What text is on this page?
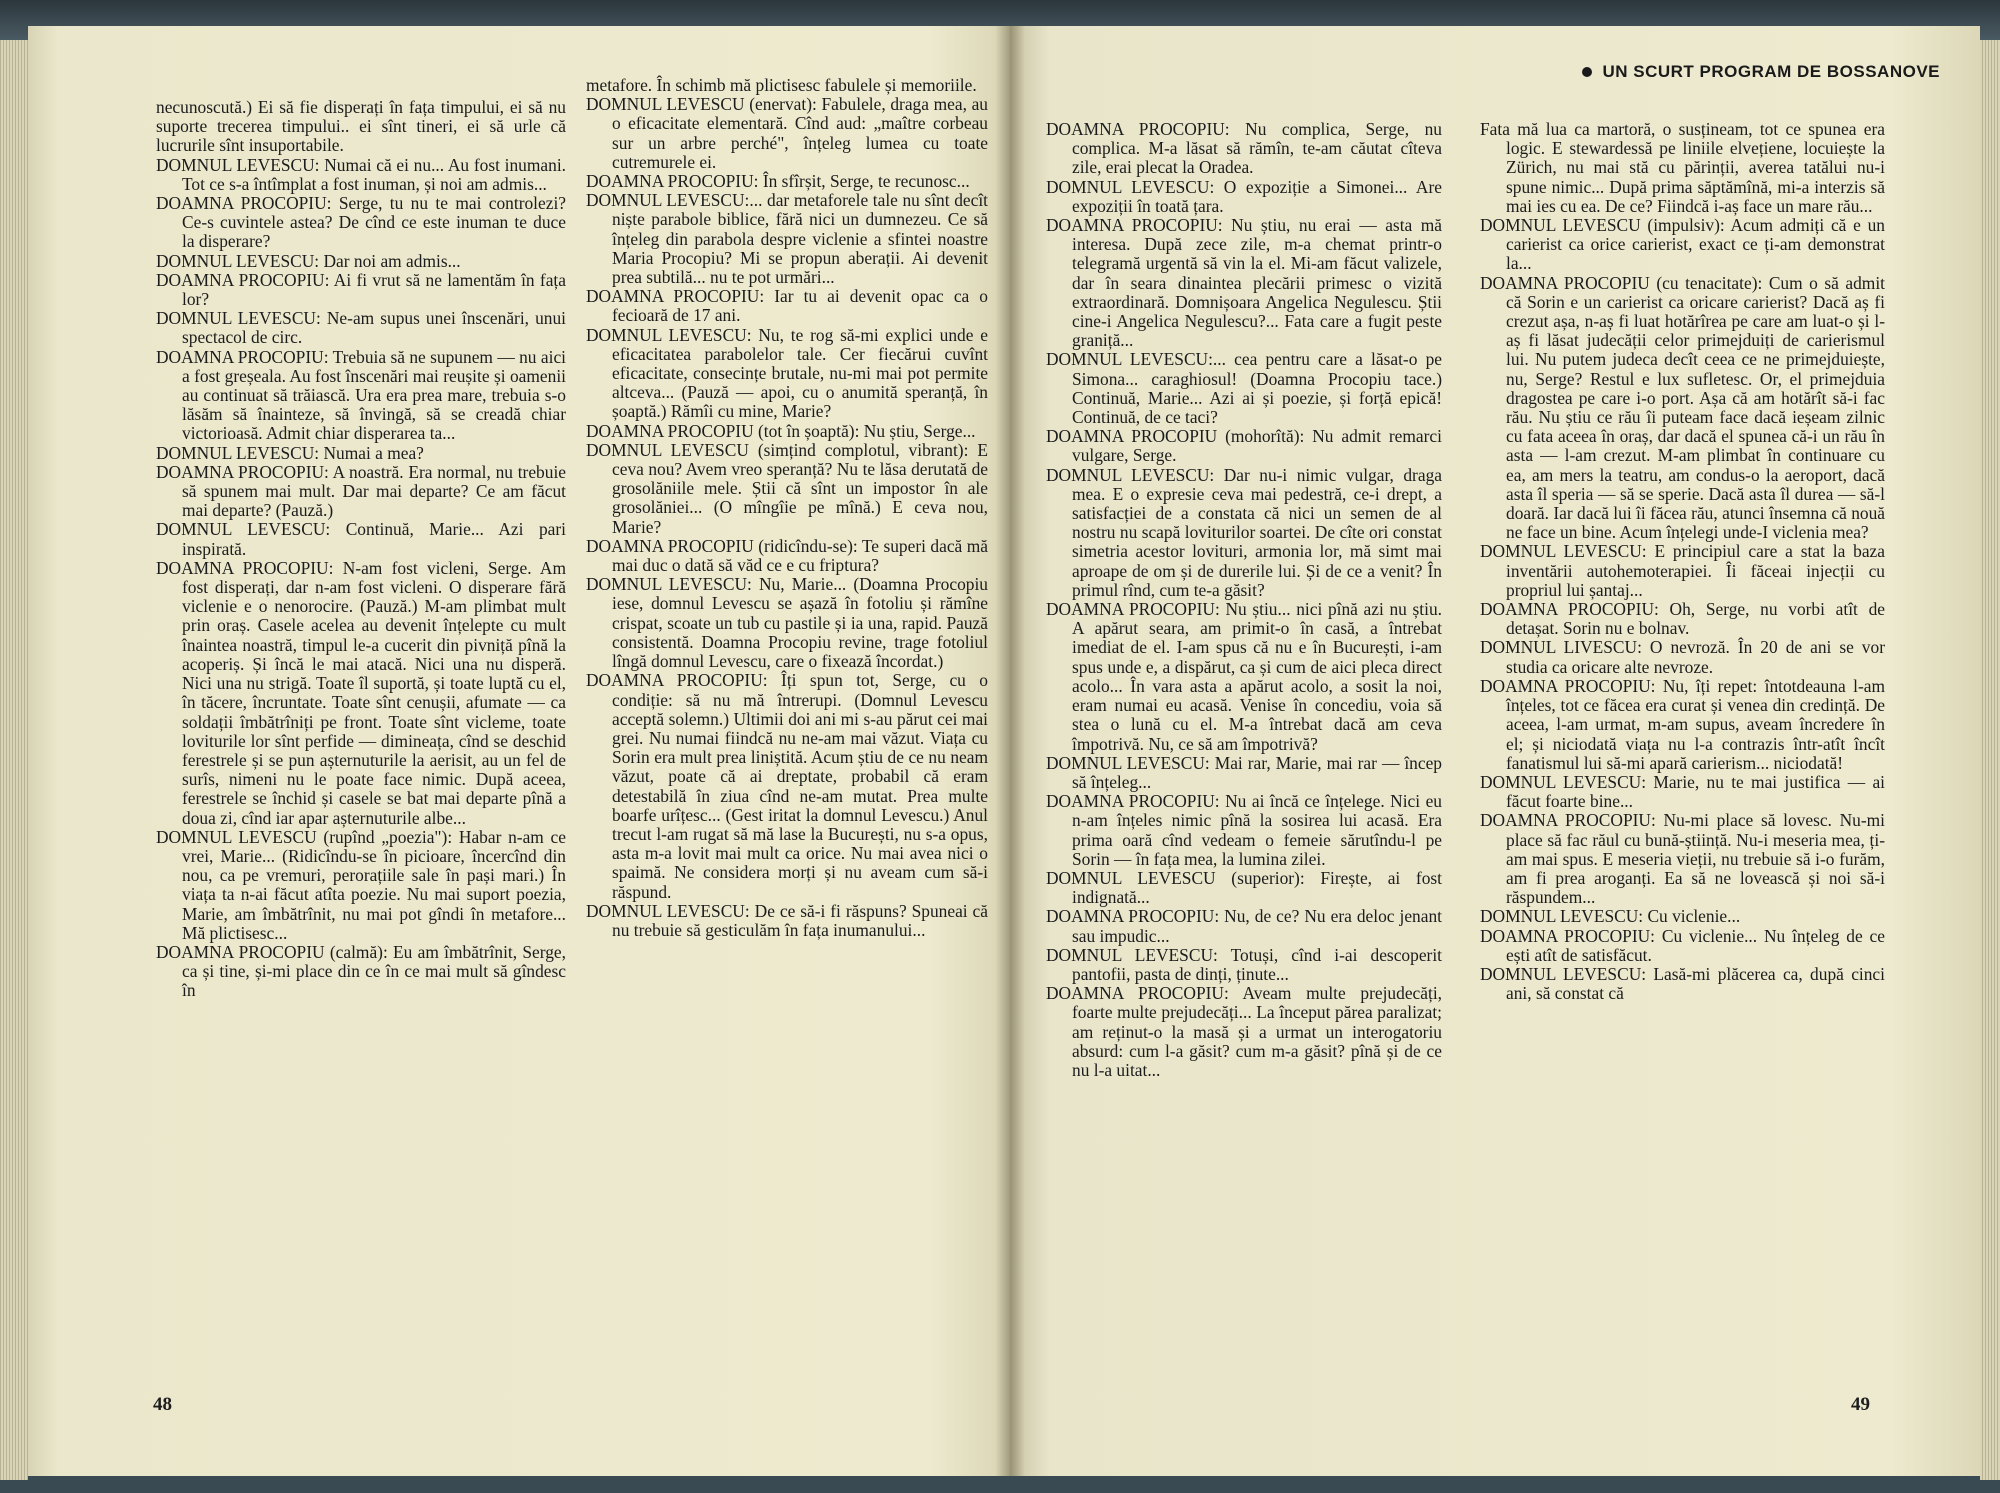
necunoscută.) Ei să fie disperați în fața timpului, ei să nu suporte trecerea timpului.. ei sînt tineri, ei să urle că lucrurile sînt insuportabile.

DOMNUL LEVESCU: Numai că ei nu... Au fost inumani. Tot ce s-a întîmplat a fost inuman, și noi am admis...

DOAMNA PROCOPIU: Serge, tu nu te mai controlezi? Ce-s cuvintele astea? De cînd ce este inuman te duce la disperare?

DOMNUL LEVESCU: Dar noi am admis...

DOAMNA PROCOPIU: Ai fi vrut să ne lamentăm în fața lor?

DOMNUL LEVESCU: Ne-am supus unei înscenări, unui spectacol de circ.

DOAMNA PROCOPIU: Trebuia să ne supunem — nu aici a fost greșeala. Au fost înscenări mai reușite și oamenii au continuat să trăiască. Ura era prea mare, trebuia s-o lăsăm să înainteze, să învingă, să se creadă chiar victorioasă. Admit chiar disperarea ta...

DOMNUL LEVESCU: Numai a mea?

DOAMNA PROCOPIU: A noastră. Era normal, nu trebuie să spunem mai mult. Dar mai departe? Ce am făcut mai departe? (Pauză.)

DOMNUL LEVESCU: Continuă, Marie... Azi pari inspirată.

DOAMNA PROCOPIU: N-am fost vicleni, Serge. Am fost disperați, dar n-am fost vicleni. O disperare fără viclenie e o nenorocire. (Pauză.) M-am plimbat mult prin oraș. Casele acelea au devenit înțelepte cu mult înaintea noastră, timpul le-a cucerit din pivniță pînă la acoperiș. Și încă le mai atacă. Nici una nu disperă. Nici una nu strigă. Toate îl suportă, și toate luptă cu el, în tăcere, încruntate. Toate sînt cenușii, afumate — ca soldații îmbătrîniți pe front. Toate sînt vicleme, toate loviturile lor sînt perfide — dimineața, cînd se deschid ferestrele și se pun așternuturile la aerisit, au un fel de surîs, nimeni nu le poate face nimic. După aceea, ferestrele se închid și casele se bat mai departe pînă a doua zi, cînd iar apar așternuturile albe...

DOMNUL LEVESCU (rupînd „poezia"): Habar n-am ce vrei, Marie... (Ridicîndu-se în picioare, încercînd din nou, ca pe vremuri, perorațiile sale în pași mari.) În viața ta n-ai făcut atîta poezie. Nu mai suport poezia, Marie, am îmbătrînit, nu mai pot gîndi în metafore... Mă plictisesc...

DOAMNA PROCOPIU (calmă): Eu am îmbătrînit, Serge, ca și tine, și-mi place din ce în ce mai mult să gîndesc în

metafore. În schimb mă plictisesc fabulele și memoriile.

DOMNUL LEVESCU (enervat): Fabulele, draga mea, au o eficacitate elementară. Cînd aud: „maître corbeau sur un arbre perché", înțeleg lumea cu toate cutremurele ei.

DOAMNA PROCOPIU: În sfîrșit, Serge, te recunosc...

DOMNUL LEVESCU:... dar metaforele tale nu sînt decît niște parabole biblice, fără nici un dumnezeu. Ce să înțeleg din parabola despre viclenie a sfintei noastre Maria Procopiu? Mi se propun aberații. Ai devenit prea subtilă... nu te pot urmări...

DOAMNA PROCOPIU: Iar tu ai devenit opac ca o fecioară de 17 ani.

DOMNUL LEVESCU: Nu, te rog să-mi explici unde e eficacitatea parabolelor tale. Cer fiecărui cuvînt eficacitate, consecințe brutale, nu-mi mai pot permite altceva... (Pauză — apoi, cu o anumită speranță, în șoaptă.) Rămîi cu mine, Marie?

DOAMNA PROCOPIU (tot în șoaptă): Nu știu, Serge...

DOMNUL LEVESCU (simțind complotul, vibrant): E ceva nou? Avem vreo speranță? Nu te lăsa derutată de grosolăniile mele. Știi că sînt un impostor în ale grosolăniei... (O mîngîie pe mînă.) E ceva nou, Marie?

DOAMNA PROCOPIU (ridicîndu-se): Te superi dacă mă mai duc o dată să văd ce e cu friptura?

DOMNUL LEVESCU: Nu, Marie... (Doamna Procopiu iese, domnul Levescu se așază în fotoliu și rămîne crispat, scoate un tub cu pastile și ia una, rapid. Pauză consistentă. Doamna Procopiu revine, trage fotoliul lîngă domnul Levescu, care o fixează încordat.)

DOAMNA PROCOPIU: Îți spun tot, Serge, cu o condiție: să nu mă întrerupi. (Domnul Levescu acceptă solemn.) Ultimii doi ani mi s-au părut cei mai grei. Nu numai fiindcă nu ne-am mai văzut. Viața cu Sorin era mult prea liniștită. Acum știu de ce nu neam văzut, poate că ai dreptate, probabil că eram detestabilă în ziua cînd ne-am mutat. Prea multe boarfe urîțesc... (Gest iritat la domnul Levescu.) Anul trecut l-am rugat să mă lase la București, nu s-a opus, asta m-a lovit mai mult ca orice. Nu mai avea nici o spaimă. Ne considera morți și nu aveam cum să-i răspund.

DOMNUL LEVESCU: De ce să-i fi răspuns? Spuneai că nu trebuie să gesticulăm în fața inumanului...

48
UN SCURT PROGRAM DE BOSSANOVE

DOAMNA PROCOPIU: Nu complica, Serge, nu complica. M-a lăsat să rămîn, te-am căutat cîteva zile, erai plecat la Oradea.

DOMNUL LEVESCU: O expoziție a Simonei... Are expoziții în toată țara.

DOAMNA PROCOPIU: Nu știu, nu erai — asta mă interesa. După zece zile, m-a chemat printr-o telegramă urgentă să vin la el. Mi-am făcut valizele, dar în seara dinaintea plecării primesc o vizită extraordinară. Domnișoara Angelica Negulescu. Știi cine-i Angelica Negulescu?... Fata care a fugit peste graniță...

DOMNUL LEVESCU:... cea pentru care a lăsat-o pe Simona... caraghiosul! (Doamna Procopiu tace.) Continuă, Marie... Azi ai și poezie, și forță epică! Continuă, de ce taci?

DOAMNA PROCOPIU (mohorîtă): Nu admit remarci vulgare, Serge.

DOMNUL LEVESCU: Dar nu-i nimic vulgar, draga mea. E o expresie ceva mai pedestră, ce-i drept, a satisfacției de a constata că nici un semen de al nostru nu scapă loviturilor soartei. De cîte ori constat simetria acestor lovituri, armonia lor, mă simt mai aproape de om și de durerile lui. Și de ce a venit? În primul rînd, cum te-a găsit?

DOAMNA PROCOPIU: Nu știu... nici pînă azi nu știu. A apărut seara, am primit-o în casă, a întrebat imediat de el. I-am spus că nu e în București, i-am spus unde e, a dispărut, ca și cum de aici pleca direct acolo... În vara asta a apărut acolo, a sosit la noi, eram numai eu acasă. Venise în concediu, voia să stea o lună cu el. M-a întrebat dacă am ceva împotrivă. Nu, ce să am împotrivă?

DOMNUL LEVESCU: Mai rar, Marie, mai rar — încep să înțeleg...

DOAMNA PROCOPIU: Nu ai încă ce înțelege. Nici eu n-am înțeles nimic pînă la sosirea lui acasă. Era prima oară cînd vedeam o femeie sărutîndu-l pe Sorin — în fața mea, la lumina zilei.

DOMNUL LEVESCU (superior): Firește, ai fost indignată...

DOAMNA PROCOPIU: Nu, de ce? Nu era deloc jenant sau impudic...

DOMNUL LEVESCU: Totuși, cînd i-ai descoperit pantofii, pasta de dinți, ținute...

DOAMNA PROCOPIU: Aveam multe prejudecăți, foarte multe prejudecăți... La început părea paralizat; am reținut-o la masă și a urmat un interogatoriu absurd: cum l-a găsit? cum m-a găsit? pînă și de ce nu l-a uitat...

Fata mă lua ca martoră, o susțineam, tot ce spunea era logic. E stewardessă pe liniile elvețiene, locuiește la Zürich, nu mai stă cu părinții, averea tatălui nu-i spune nimic... După prima săptămînă, mi-a interzis să mai ies cu ea. De ce? Fiindcă i-aș face un mare rău...

DOMNUL LEVESCU (impulsiv): Acum admiți că e un carierist ca orice carierist, exact ce ți-am demonstrat la...

DOAMNA PROCOPIU (cu tenacitate): Cum o să admit că Sorin e un carierist ca oricare carierist? Dacă aș fi crezut așa, n-aș fi luat hotărîrea pe care am luat-o și l-aș fi lăsat judecății celor primejduiți de carierismul lui. Nu putem judeca decît ceea ce ne primejduiește, nu, Serge? Restul e lux sufletesc. Or, el primejduia dragostea pe care i-o port. Așa că am hotărît să-i fac rău. Nu știu ce rău îi puteam face dacă ieșeam zilnic cu fata aceea în oraș, dar dacă el spunea că-i un rău în asta — l-am crezut. M-am plimbat în continuare cu ea, am mers la teatru, am condus-o la aeroport, dacă asta îl speria — să se sperie. Dacă asta îl durea — să-l doară. Iar dacă lui îi făcea rău, atunci însemna că nouă ne face un bine. Acum înțelegi unde-I viclenia mea?

DOMNUL LEVESCU: E principiul care a stat la baza inventării autohemoterapiei. Îi făceai injecții cu propriul lui șantaj...

DOAMNA PROCOPIU: Oh, Serge, nu vorbi atît de detașat. Sorin nu e bolnav.

DOMNUL LIVESCU: O nevroză. În 20 de ani se vor studia ca oricare alte nevroze.

DOAMNA PROCOPIU: Nu, îți repet: întotdeauna l-am înțeles, tot ce făcea era curat și venea din credință. De aceea, l-am urmat, m-am supus, aveam încredere în el; și niciodată viața nu l-a contrazis într-atît încît fanatismul lui să-mi apară carierism... niciodată!

DOMNUL LEVESCU: Marie, nu te mai justifica — ai făcut foarte bine...

DOAMNA PROCOPIU: Nu-mi place să lovesc. Nu-mi place să fac răul cu bună-știință. Nu-i meseria mea, ți-am mai spus. E meseria vieții, nu trebuie să i-o furăm, am fi prea aroganți. Ea să ne lovească și noi să-i răspundem...

DOMNUL LEVESCU: Cu viclenie...

DOAMNA PROCOPIU: Cu viclenie... Nu înțeleg de ce ești atît de satisfăcut.

DOMNUL LEVESCU: Lasă-mi plăcerea ca, după cinci ani, să constat că

49
